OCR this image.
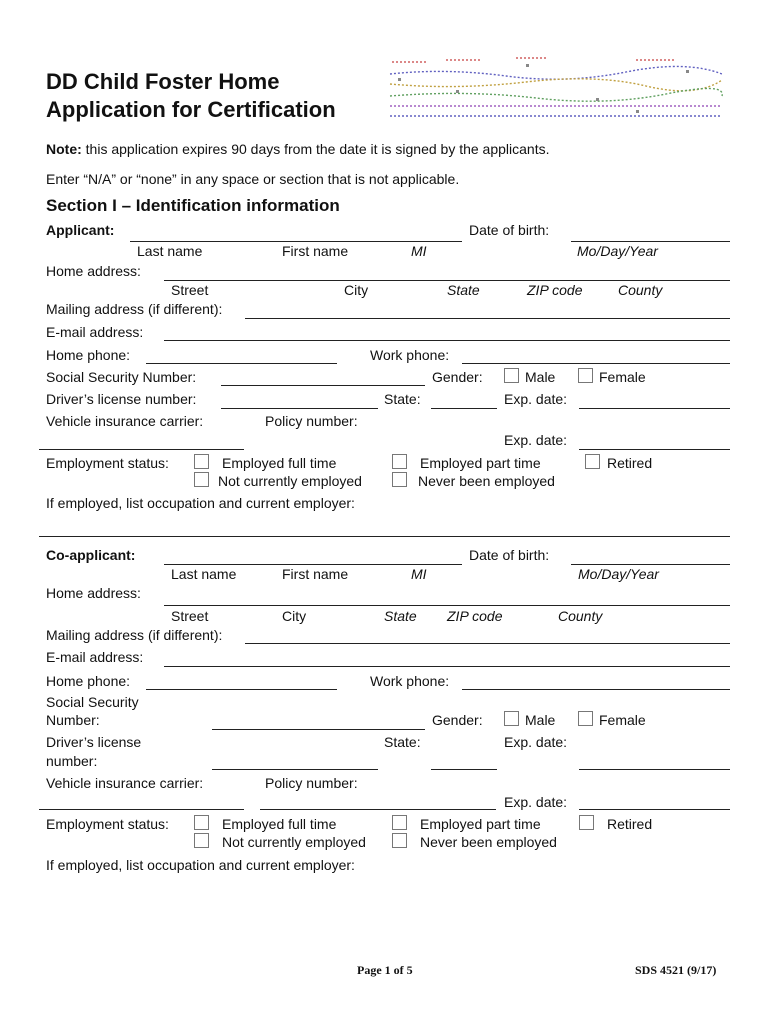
DD Child Foster Home
Application for Certification
Note: this application expires 90 days from the date it is signed by the applicants.
Enter “N/A” or “none” in any space or section that is not applicable.
Section I – Identification information
Applicant:	Date of birth:
Last name	First name	MI	Mo/Day/Year
Home address:
Street	City	State	ZIP code	County
Mailing address (if different):
E-mail address:
Home phone:	Work phone:
Social Security Number:	Gender:	Male	Female
Driver’s license number:	State:	Exp. date:
Vehicle insurance carrier:	Policy number:
Exp. date:
Employment status:	Employed full time	Employed part time	Retired
Not currently employed	Never been employed
If employed, list occupation and current employer:
Co-applicant:	Date of birth:
Last name	First name	MI	Mo/Day/Year
Home address:
Street	City	State ZIP code	County
Mailing address (if different):
E-mail address:
Home phone:	Work phone:
Social Security
Number:	Gender:	Male	Female
Driver’s license
number:
State:	Exp. date:
Vehicle insurance carrier:	Policy number:
Exp. date:
Employment status:	Employed full time	Employed part time	Retired
Not currently employed	Never been employed
If employed, list occupation and current employer:
Page 1 of 5	SDS 4521 (9/17)
